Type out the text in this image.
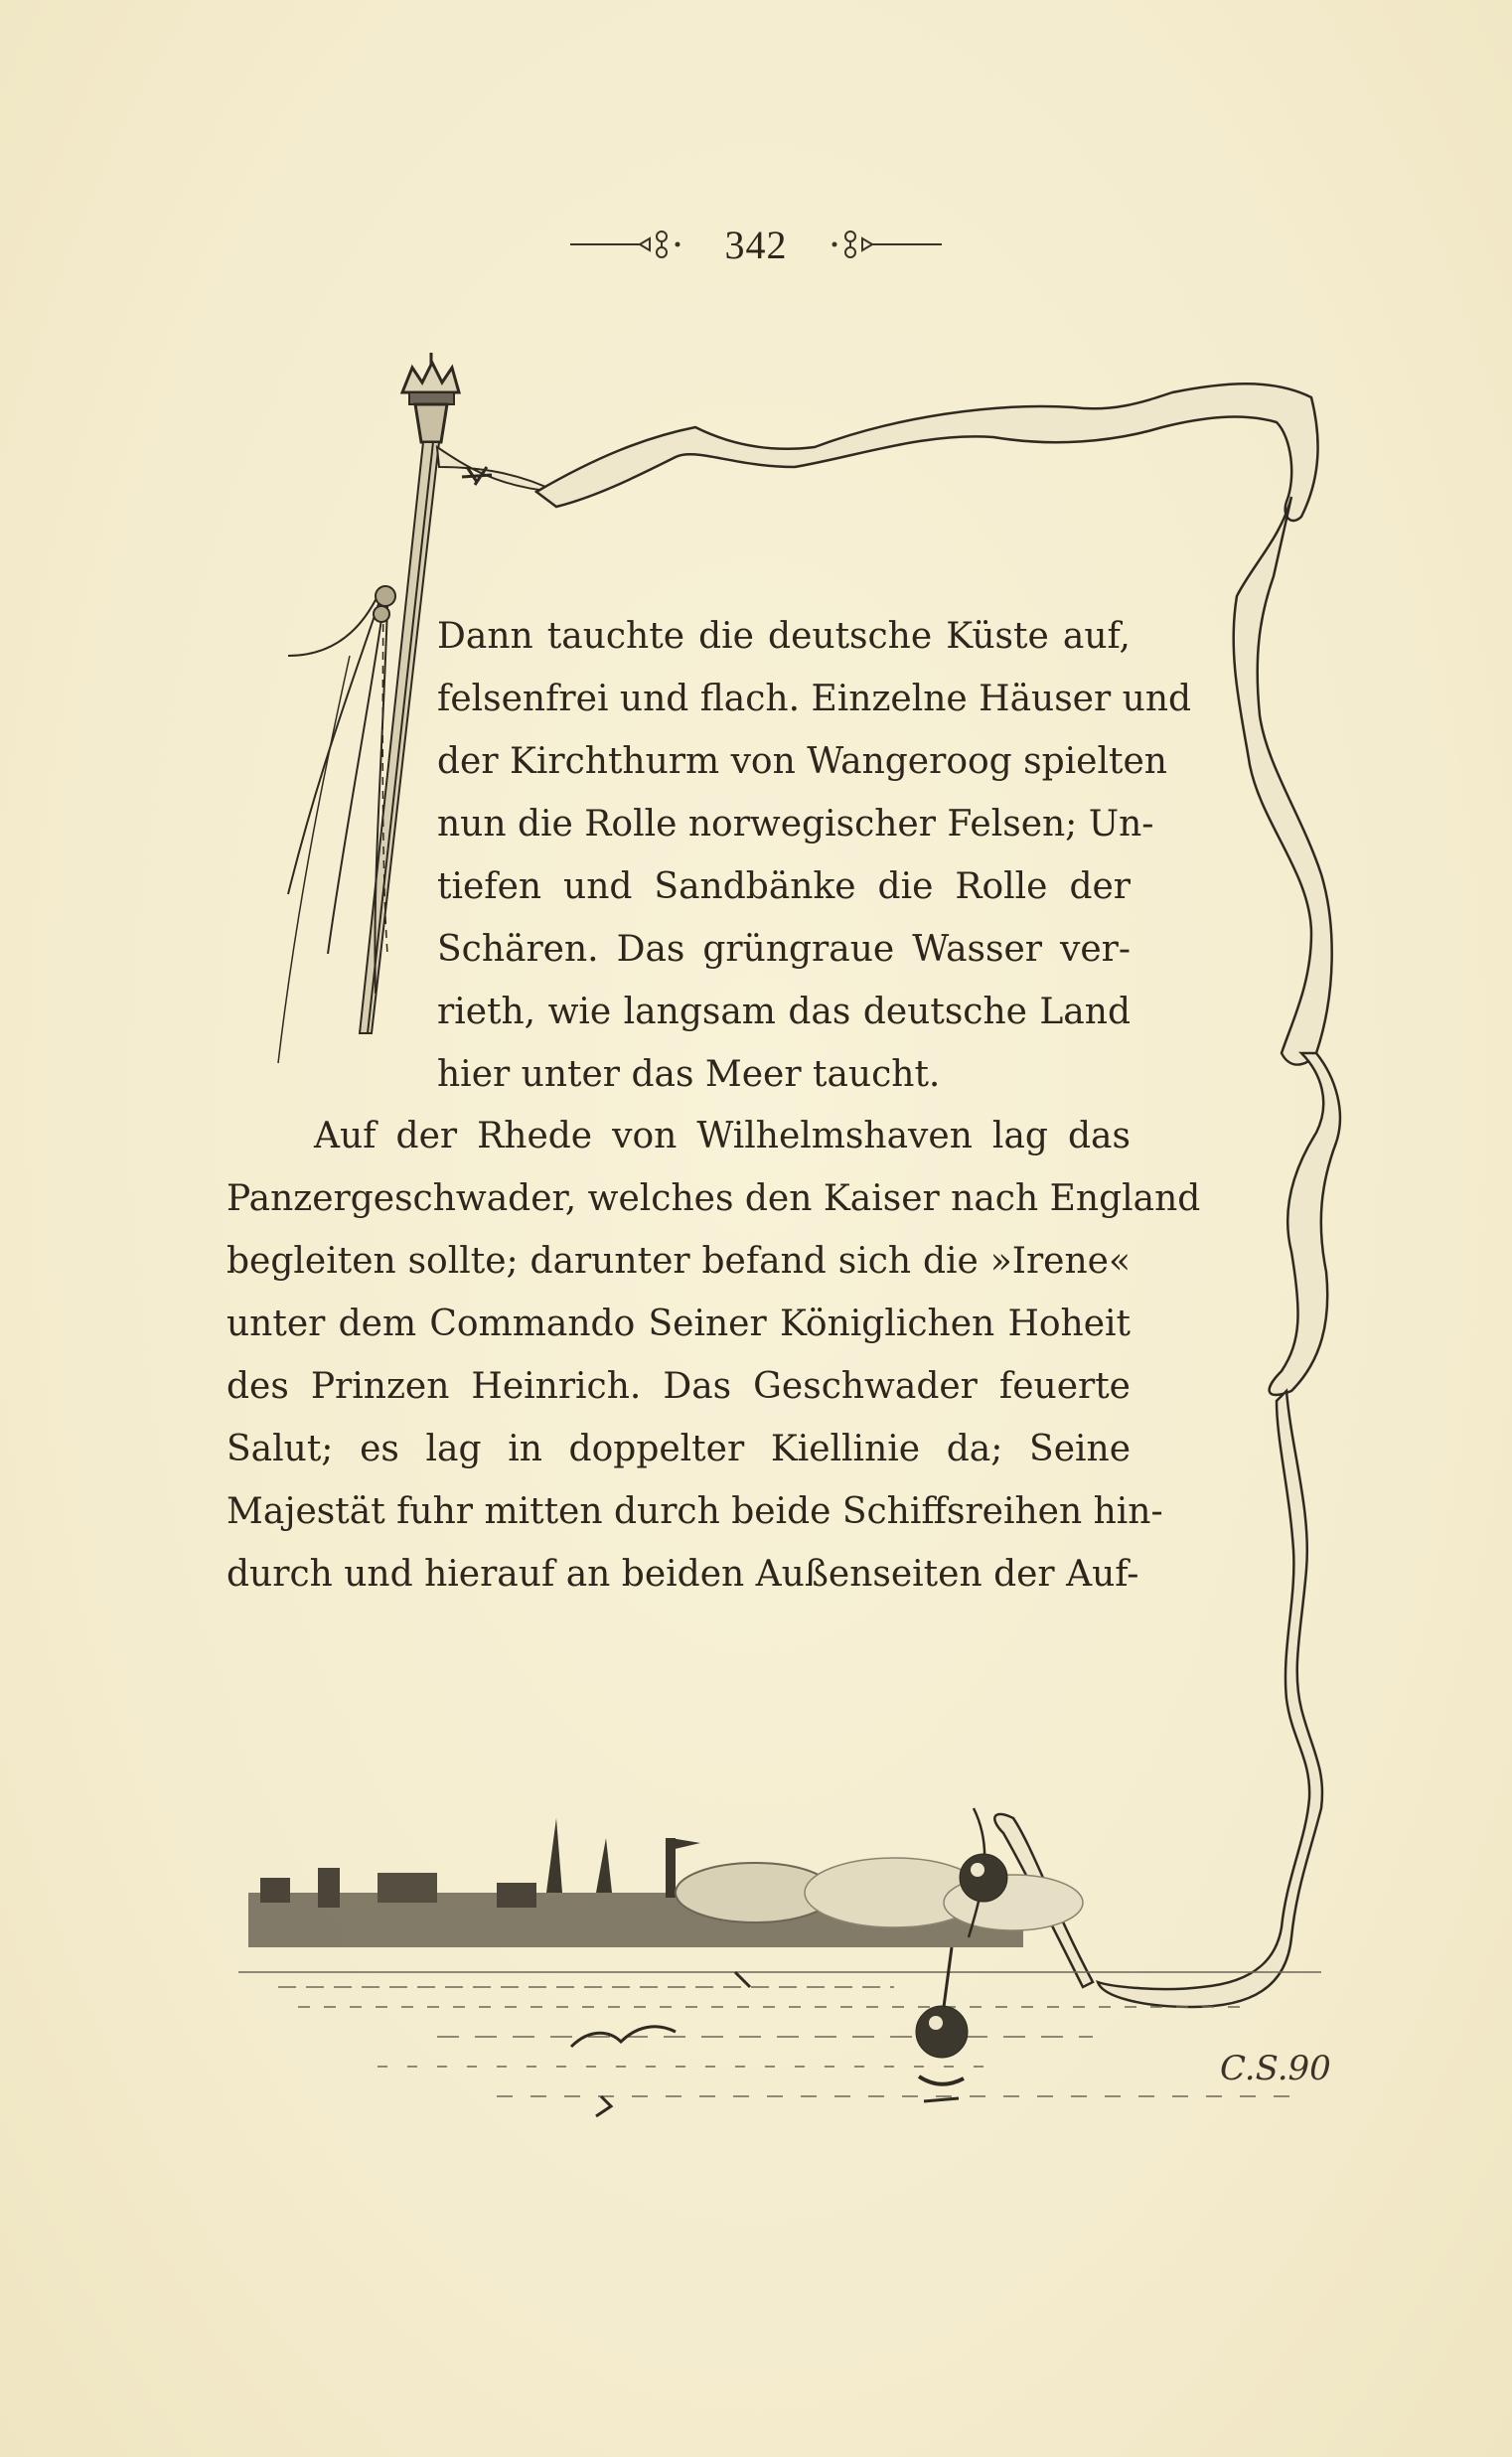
342
Dann tauchte die deutsche Küste auf,
felsenfrei und flach. Einzelne Häuser und
der Kirchthurm von Wangeroog spielten
nun die Rolle norwegischer Felsen; Un-
tiefen und Sandbänke die Rolle der
Schären. Das grüngraue Wasser ver-
rieth, wie langsam das deutsche Land
hier unter das Meer taucht.
Auf der Rhede von Wilhelmshaven lag das
Panzergeschwader, welches den Kaiser nach England
begleiten sollte; darunter befand sich die »Irene«
unter dem Commando Seiner Königlichen Hoheit
des Prinzen Heinrich. Das Geschwader feuerte
Salut; es lag in doppelter Kiellinie da; Seine
Majestät fuhr mitten durch beide Schiffsreihen hin-
durch und hierauf an beiden Außenseiten der Auf-
C.S.90
